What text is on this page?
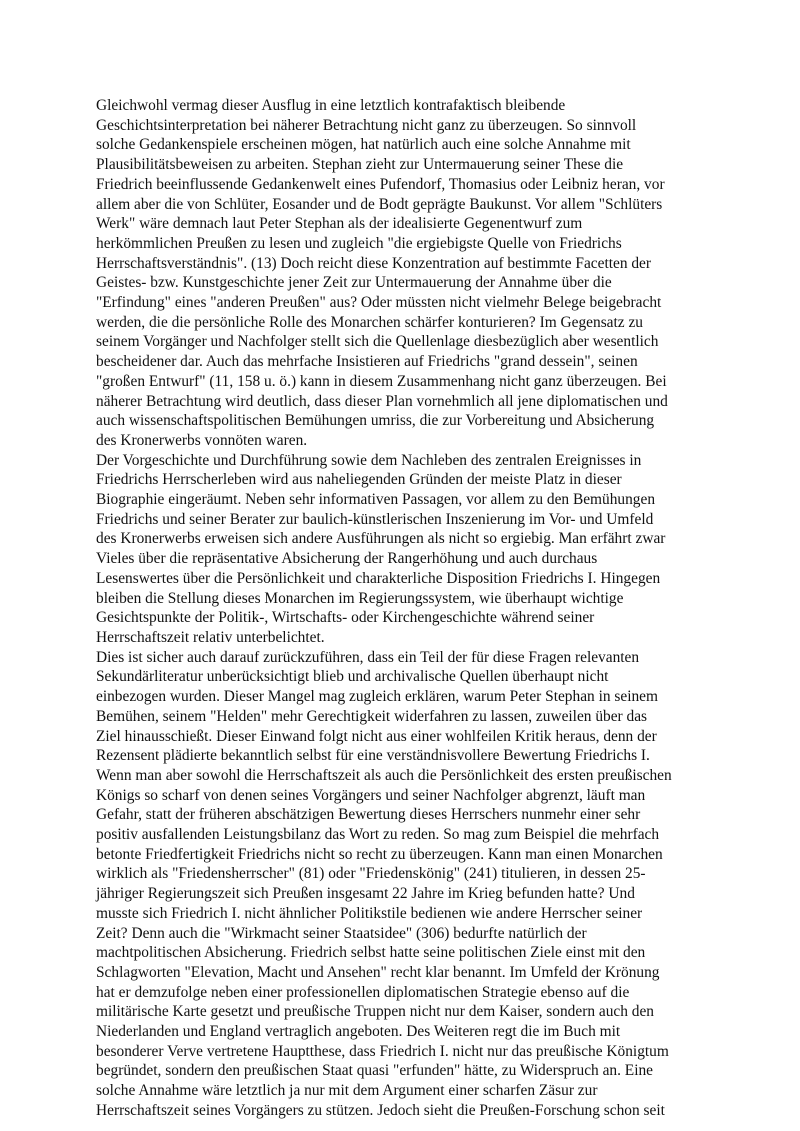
Gleichwohl vermag dieser Ausflug in eine letztlich kontrafaktisch bleibende
Geschichtsinterpretation bei näherer Betrachtung nicht ganz zu überzeugen. So sinnvoll
solche Gedankenspiele erscheinen mögen, hat natürlich auch eine solche Annahme mit
Plausibilitätsbeweisen zu arbeiten. Stephan zieht zur Untermauerung seiner These die
Friedrich beeinflussende Gedankenwelt eines Pufendorf, Thomasius oder Leibniz heran, vor
allem aber die von Schlüter, Eosander und de Bodt geprägte Baukunst. Vor allem "Schlüters
Werk" wäre demnach laut Peter Stephan als der idealisierte Gegenentwurf zum
herkömmlichen Preußen zu lesen und zugleich "die ergiebigste Quelle von Friedrichs
Herrschaftsverständnis". (13) Doch reicht diese Konzentration auf bestimmte Facetten der
Geistes- bzw. Kunstgeschichte jener Zeit zur Untermauerung der Annahme über die
"Erfindung" eines "anderen Preußen" aus? Oder müssten nicht vielmehr Belege beigebracht
werden, die die persönliche Rolle des Monarchen schärfer konturieren? Im Gegensatz zu
seinem Vorgänger und Nachfolger stellt sich die Quellenlage diesbezüglich aber wesentlich
bescheidener dar. Auch das mehrfache Insistieren auf Friedrichs "grand dessein", seinen
"großen Entwurf" (11, 158 u. ö.) kann in diesem Zusammenhang nicht ganz überzeugen. Bei
näherer Betrachtung wird deutlich, dass dieser Plan vornehmlich all jene diplomatischen und
auch wissenschaftspolitischen Bemühungen umriss, die zur Vorbereitung und Absicherung
des Kronerwerbs vonnöten waren.

Der Vorgeschichte und Durchführung sowie dem Nachleben des zentralen Ereignisses in
Friedrichs Herrscherleben wird aus naheliegenden Gründen der meiste Platz in dieser
Biographie eingeräumt. Neben sehr informativen Passagen, vor allem zu den Bemühungen
Friedrichs und seiner Berater zur baulich-künstlerischen Inszenierung im Vor- und Umfeld
des Kronerwerbs erweisen sich andere Ausführungen als nicht so ergiebig. Man erfährt zwar
Vieles über die repräsentative Absicherung der Rangerhöhung und auch durchaus
Lesenswertes über die Persönlichkeit und charakterliche Disposition Friedrichs I. Hingegen
bleiben die Stellung dieses Monarchen im Regierungssystem, wie überhaupt wichtige
Gesichtspunkte der Politik-, Wirtschafts- oder Kirchengeschichte während seiner
Herrschaftszeit relativ unterbelichtet.

Dies ist sicher auch darauf zurückzuführen, dass ein Teil der für diese Fragen relevanten
Sekundärliteratur unberücksichtigt blieb und archivalische Quellen überhaupt nicht
einbezogen wurden. Dieser Mangel mag zugleich erklären, warum Peter Stephan in seinem
Bemühen, seinem "Helden" mehr Gerechtigkeit widerfahren zu lassen, zuweilen über das
Ziel hinausschießt. Dieser Einwand folgt nicht aus einer wohlfeilen Kritik heraus, denn der
Rezensent plädierte bekanntlich selbst für eine verständnisvollere Bewertung Friedrichs I.
Wenn man aber sowohl die Herrschaftszeit als auch die Persönlichkeit des ersten preußischen
Königs so scharf von denen seines Vorgängers und seiner Nachfolger abgrenzt, läuft man
Gefahr, statt der früheren abschätzigen Bewertung dieses Herrschers nunmehr einer sehr
positiv ausfallenden Leistungsbilanz das Wort zu reden. So mag zum Beispiel die mehrfach
betonte Friedfertigkeit Friedrichs nicht so recht zu überzeugen. Kann man einen Monarchen
wirklich als "Friedensherrscher" (81) oder "Friedenskönig" (241) titulieren, in dessen 25-
jähriger Regierungszeit sich Preußen insgesamt 22 Jahre im Krieg befunden hatte? Und
musste sich Friedrich I. nicht ähnlicher Politikstile bedienen wie andere Herrscher seiner
Zeit? Denn auch die "Wirkmacht seiner Staatsidee" (306) bedurfte natürlich der
machtpolitischen Absicherung. Friedrich selbst hatte seine politischen Ziele einst mit den
Schlagworten "Elevation, Macht und Ansehen" recht klar benannt. Im Umfeld der Krönung
hat er demzufolge neben einer professionellen diplomatischen Strategie ebenso auf die
militärische Karte gesetzt und preußische Truppen nicht nur dem Kaiser, sondern auch den
Niederlanden und England vertraglich angeboten. Des Weiteren regt die im Buch mit
besonderer Verve vertretene Hauptthese, dass Friedrich I. nicht nur das preußische Königtum
begründet, sondern den preußischen Staat quasi "erfunden" hätte, zu Widerspruch an. Eine
solche Annahme wäre letztlich ja nur mit dem Argument einer scharfen Zäsur zur
Herrschaftszeit seines Vorgängers zu stützen. Jedoch sieht die Preußen-Forschung schon seit
